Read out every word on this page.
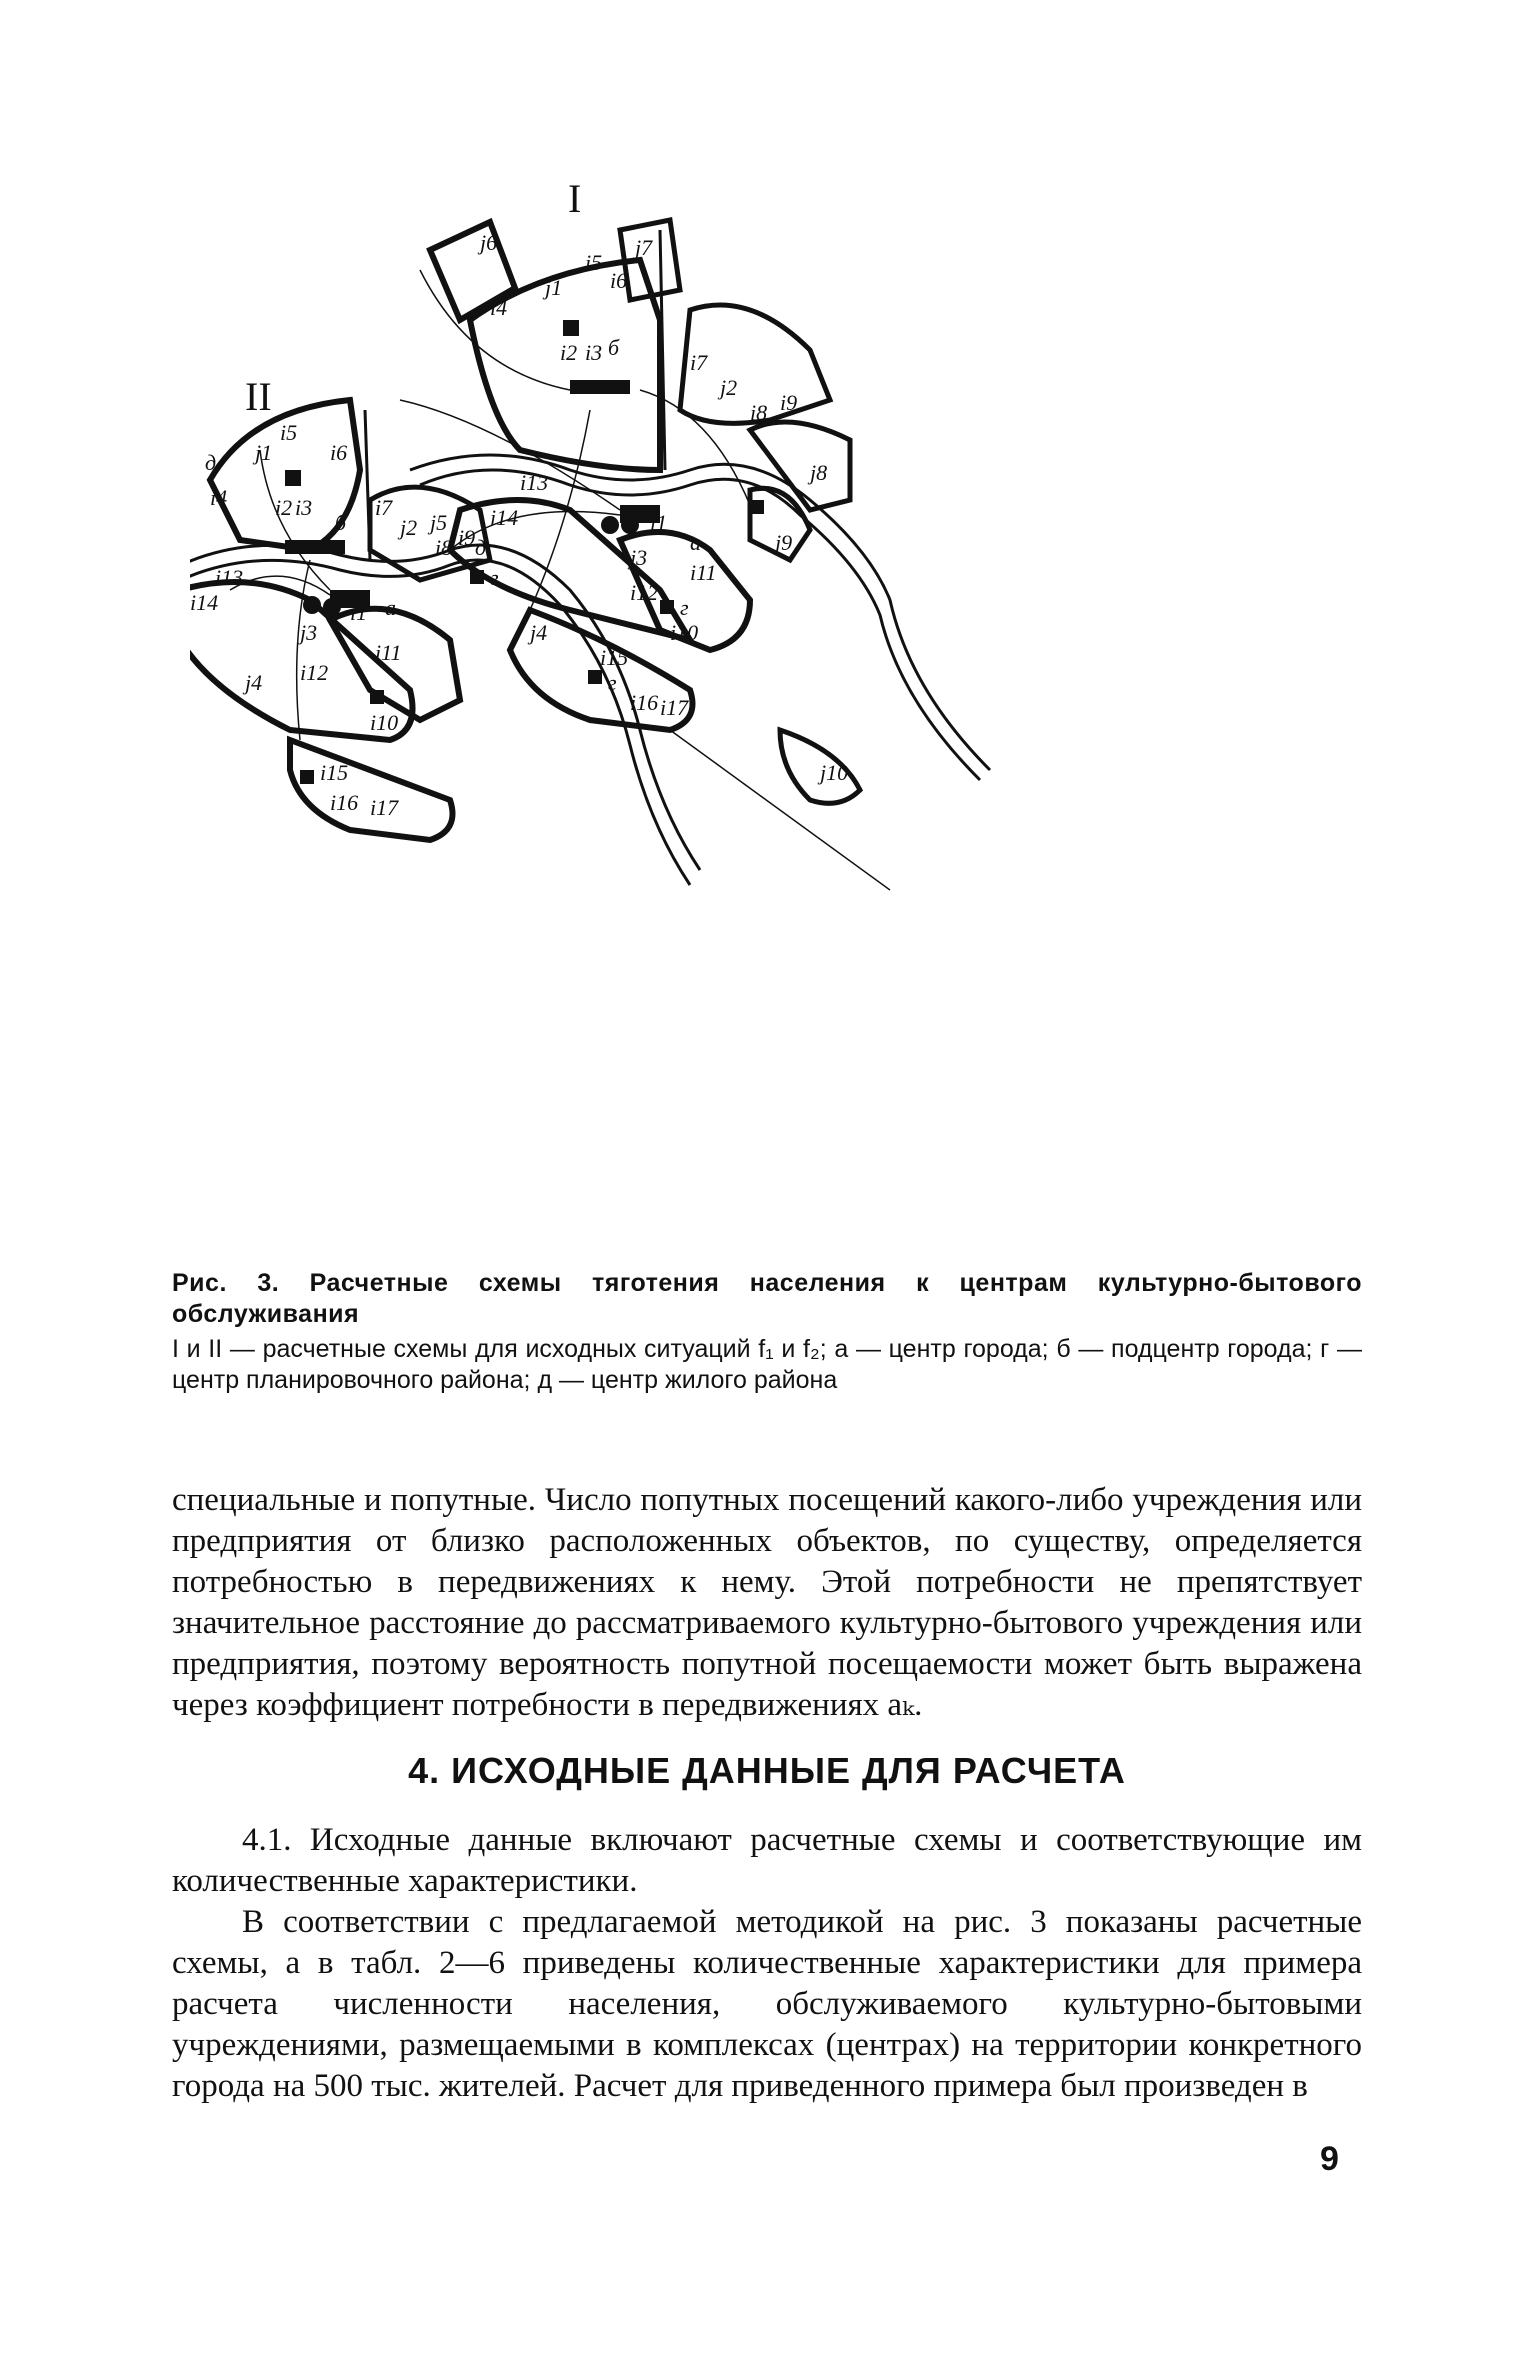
I
II
j6	j7
i5
i6
j1
i4
i2 i3 б
i7
j2
i8 i9
j8
i13
i1
а
i14
д
j5
j3
i11
j9
i12
г
i10
j4
i15
г
i16 i17
j10
i5
j1	i6
д
i4 i2 i3
б
i7
j2
i8 i9
г
i13
i1 а
i14
j3
i11
i12
i10
j4
i15
i16 i17
Рис. 3. Расчетные схемы тяготения населения к центрам культурно-бытового обслуживания
I и II — расчетные схемы для исходных ситуаций f₁ и f₂; а — центр города; б — подцентр города; г — центр планировочного района; д — центр жилого района

специальные и попутные. Число попутных посещений какого-либо учреждения или предприятия от близко расположенных объектов, по существу, определяется потребностью в передвижениях к нему. Этой потребности не препятствует значительное расстояние до рассматриваемого культурно-бытового учреждения или предприятия, поэтому вероятность попутной посещаемости может быть выражена через коэффициент потребности в передвижениях aₖ.

4. ИСХОДНЫЕ ДАННЫЕ ДЛЯ РАСЧЕТА

4.1. Исходные данные включают расчетные схемы и соответствующие им количественные характеристики.

В соответствии с предлагаемой методикой на рис. 3 показаны расчетные схемы, а в табл. 2—6 приведены количественные характеристики для примера расчета численности населения, обслуживаемого культурно-бытовыми учреждениями, размещаемыми в комплексах (центрах) на территории конкретного города на 500 тыс. жителей. Расчет для приведенного примера был произведен в

9
